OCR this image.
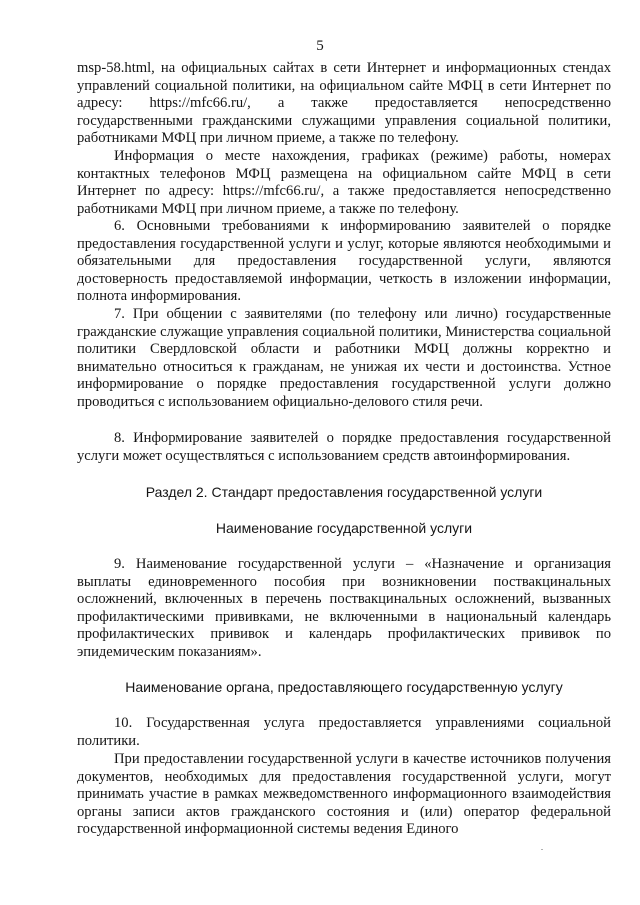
5

msp-58.html, на официальных сайтах в сети Интернет и информационных стендах управлений социальной политики, на официальном сайте МФЦ в сети Интернет по адресу: https://mfc66.ru/, а также предоставляется непосредственно государственными гражданскими служащими управления социальной политики, работниками МФЦ при личном приеме, а также по телефону.

Информация о месте нахождения, графиках (режиме) работы, номерах контактных телефонов МФЦ размещена на официальном сайте МФЦ в сети Интернет по адресу: https://mfc66.ru/, а также предоставляется непосредственно работниками МФЦ при личном приеме, а также по телефону.

6. Основными требованиями к информированию заявителей о порядке предоставления государственной услуги и услуг, которые являются необходимыми и обязательными для предоставления государственной услуги, являются достоверность предоставляемой информации, четкость в изложении информации, полнота информирования.

7. При общении с заявителями (по телефону или лично) государственные гражданские служащие управления социальной политики, Министерства социальной политики Свердловской области и работники МФЦ должны корректно и внимательно относиться к гражданам, не унижая их чести и достоинства. Устное информирование о порядке предоставления государственной услуги должно проводиться с использованием официально-делового стиля речи.

8. Информирование заявителей о порядке предоставления государственной услуги может осуществляться с использованием средств автоинформирования.

Раздел 2. Стандарт предоставления государственной услуги
Наименование государственной услуги

9. Наименование государственной услуги – «Назначение и организация выплаты единовременного пособия при возникновении поствакцинальных осложнений, включенных в перечень поствакцинальных осложнений, вызванных профилактическими прививками, не включенными в национальный календарь профилактических прививок и календарь профилактических прививок по эпидемическим показаниям».

Наименование органа, предоставляющего государственную услугу

10. Государственная услуга предоставляется управлениями социальной политики.

При предоставлении государственной услуги в качестве источников получения документов, необходимых для предоставления государственной услуги, могут принимать участие в рамках межведомственного информационного взаимодействия органы записи актов гражданского состояния и (или) оператор федеральной государственной информационной системы ведения Единого
